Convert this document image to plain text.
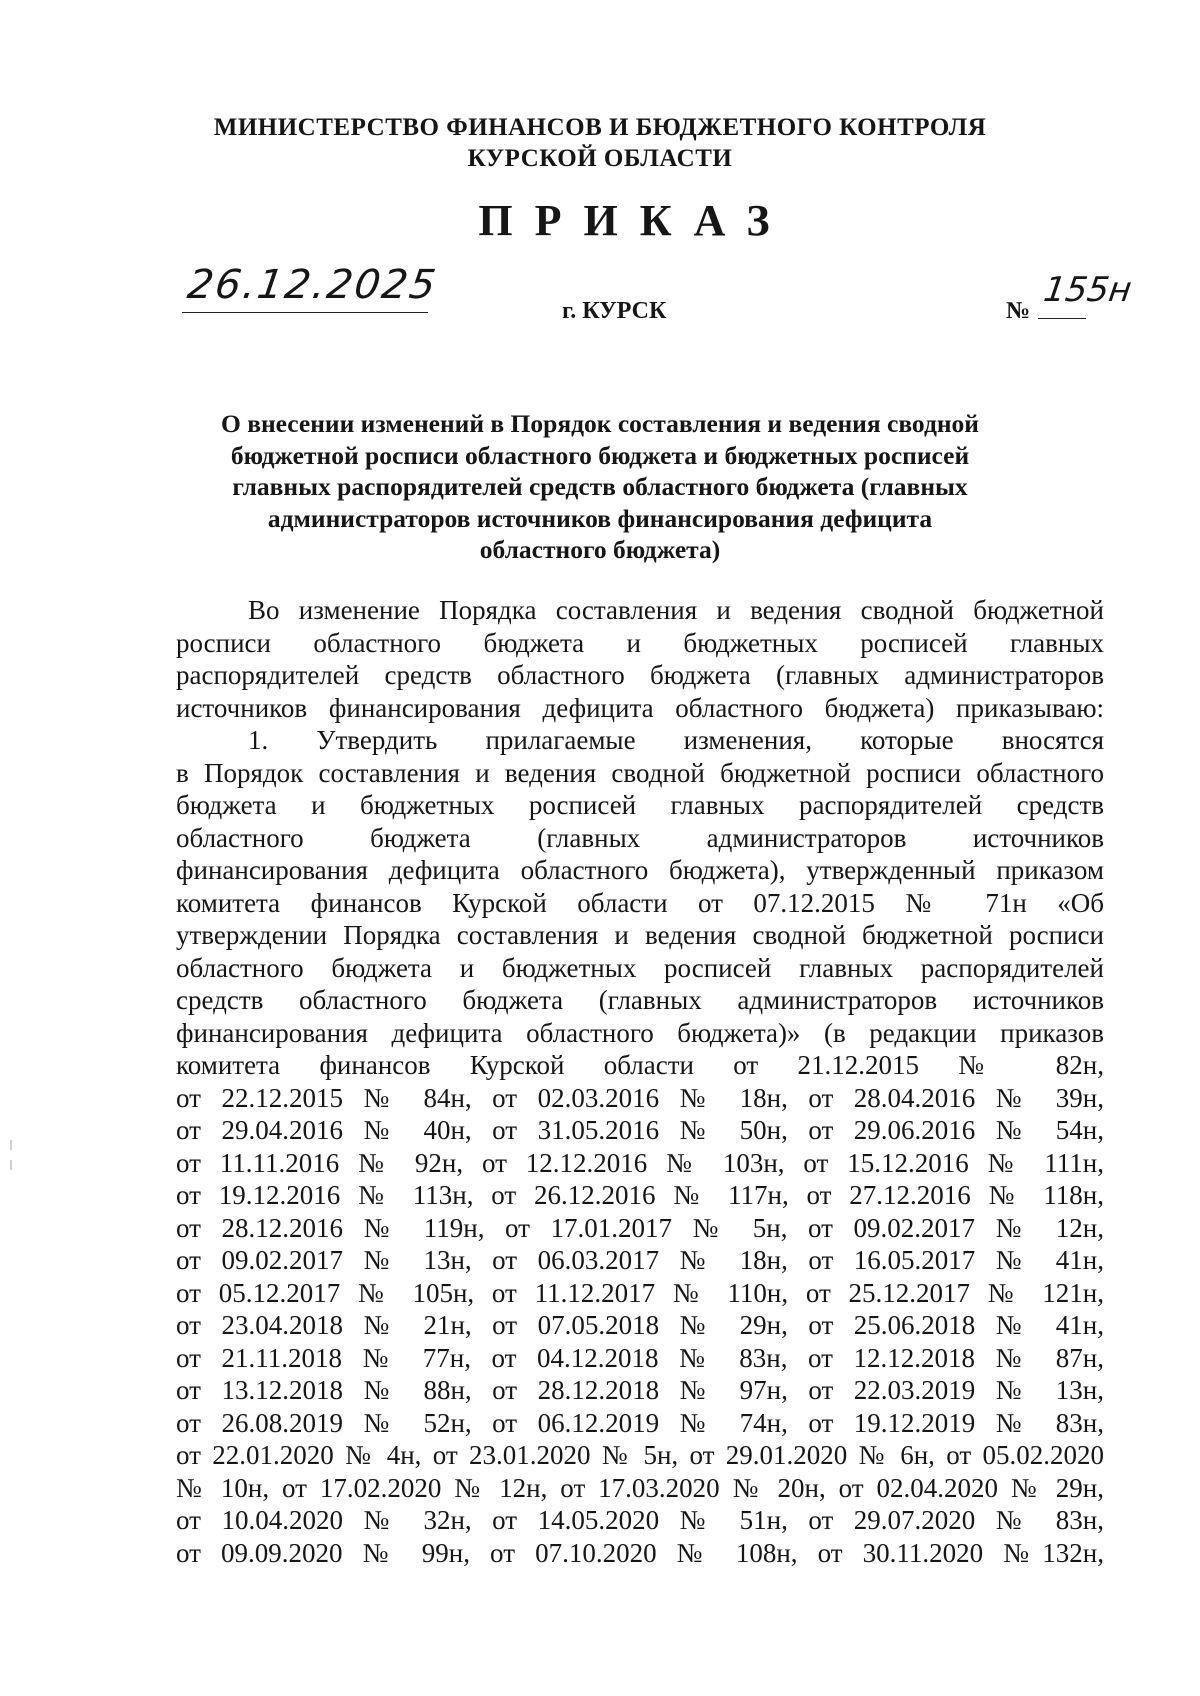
МИНИСТЕРСТВО ФИНАНСОВ И БЮДЖЕТНОГО КОНТРОЛЯ
КУРСКОЙ ОБЛАСТИ
ПРИКАЗ
26.12.2025
г. КУРСК	№
155н
О внесении изменений в Порядок составления и ведения сводной
бюджетной росписи областного бюджета и бюджетных росписей
главных распорядителей средств областного бюджета (главных
администраторов источников финансирования дефицита
областного бюджета)
Во изменение Порядка составления и ведения сводной бюджетной
росписи областного бюджета и бюджетных росписей главных
распорядителей средств областного бюджета (главных администраторов
источников финансирования дефицита областного бюджета) приказываю:
1. Утвердить прилагаемые изменения, которые вносятся
в Порядок составления и ведения сводной бюджетной росписи областного
бюджета и бюджетных росписей главных распорядителей средств
областного бюджета (главных администраторов источников
финансирования дефицита областного бюджета), утвержденный приказом
комитета финансов Курской области от 07.12.2015 № 71н «Об
утверждении Порядка составления и ведения сводной бюджетной росписи
областного бюджета и бюджетных росписей главных распорядителей
средств областного бюджета (главных администраторов источников
финансирования дефицита областного бюджета)» (в редакции приказов
комитета финансов Курской области от 21.12.2015 № 82н,
от 22.12.2015 № 84н, от 02.03.2016 № 18н, от 28.04.2016 № 39н,
от 29.04.2016 № 40н, от 31.05.2016 № 50н, от 29.06.2016 № 54н,
от 11.11.2016 № 92н, от 12.12.2016 № 103н, от 15.12.2016 № 111н,
от 19.12.2016 № 113н, от 26.12.2016 № 117н, от 27.12.2016 № 118н,
от 28.12.2016 № 119н, от 17.01.2017 № 5н, от 09.02.2017 № 12н,
от 09.02.2017 № 13н, от 06.03.2017 № 18н, от 16.05.2017 № 41н,
от 05.12.2017 № 105н, от 11.12.2017 № 110н, от 25.12.2017 № 121н,
от 23.04.2018 № 21н, от 07.05.2018 № 29н, от 25.06.2018 № 41н,
от 21.11.2018 № 77н, от 04.12.2018 № 83н, от 12.12.2018 № 87н,
от 13.12.2018 № 88н, от 28.12.2018 № 97н, от 22.03.2019 № 13н,
от 26.08.2019 № 52н, от 06.12.2019 № 74н, от 19.12.2019 № 83н,
от 22.01.2020 № 4н, от 23.01.2020 № 5н, от 29.01.2020 № 6н, от 05.02.2020
№ 10н, от 17.02.2020 № 12н, от 17.03.2020 № 20н, от 02.04.2020 № 29н,
от 10.04.2020 № 32н, от 14.05.2020 № 51н, от 29.07.2020 № 83н,
от 09.09.2020 № 99н, от 07.10.2020 № 108н, от 30.11.2020 №132н,
